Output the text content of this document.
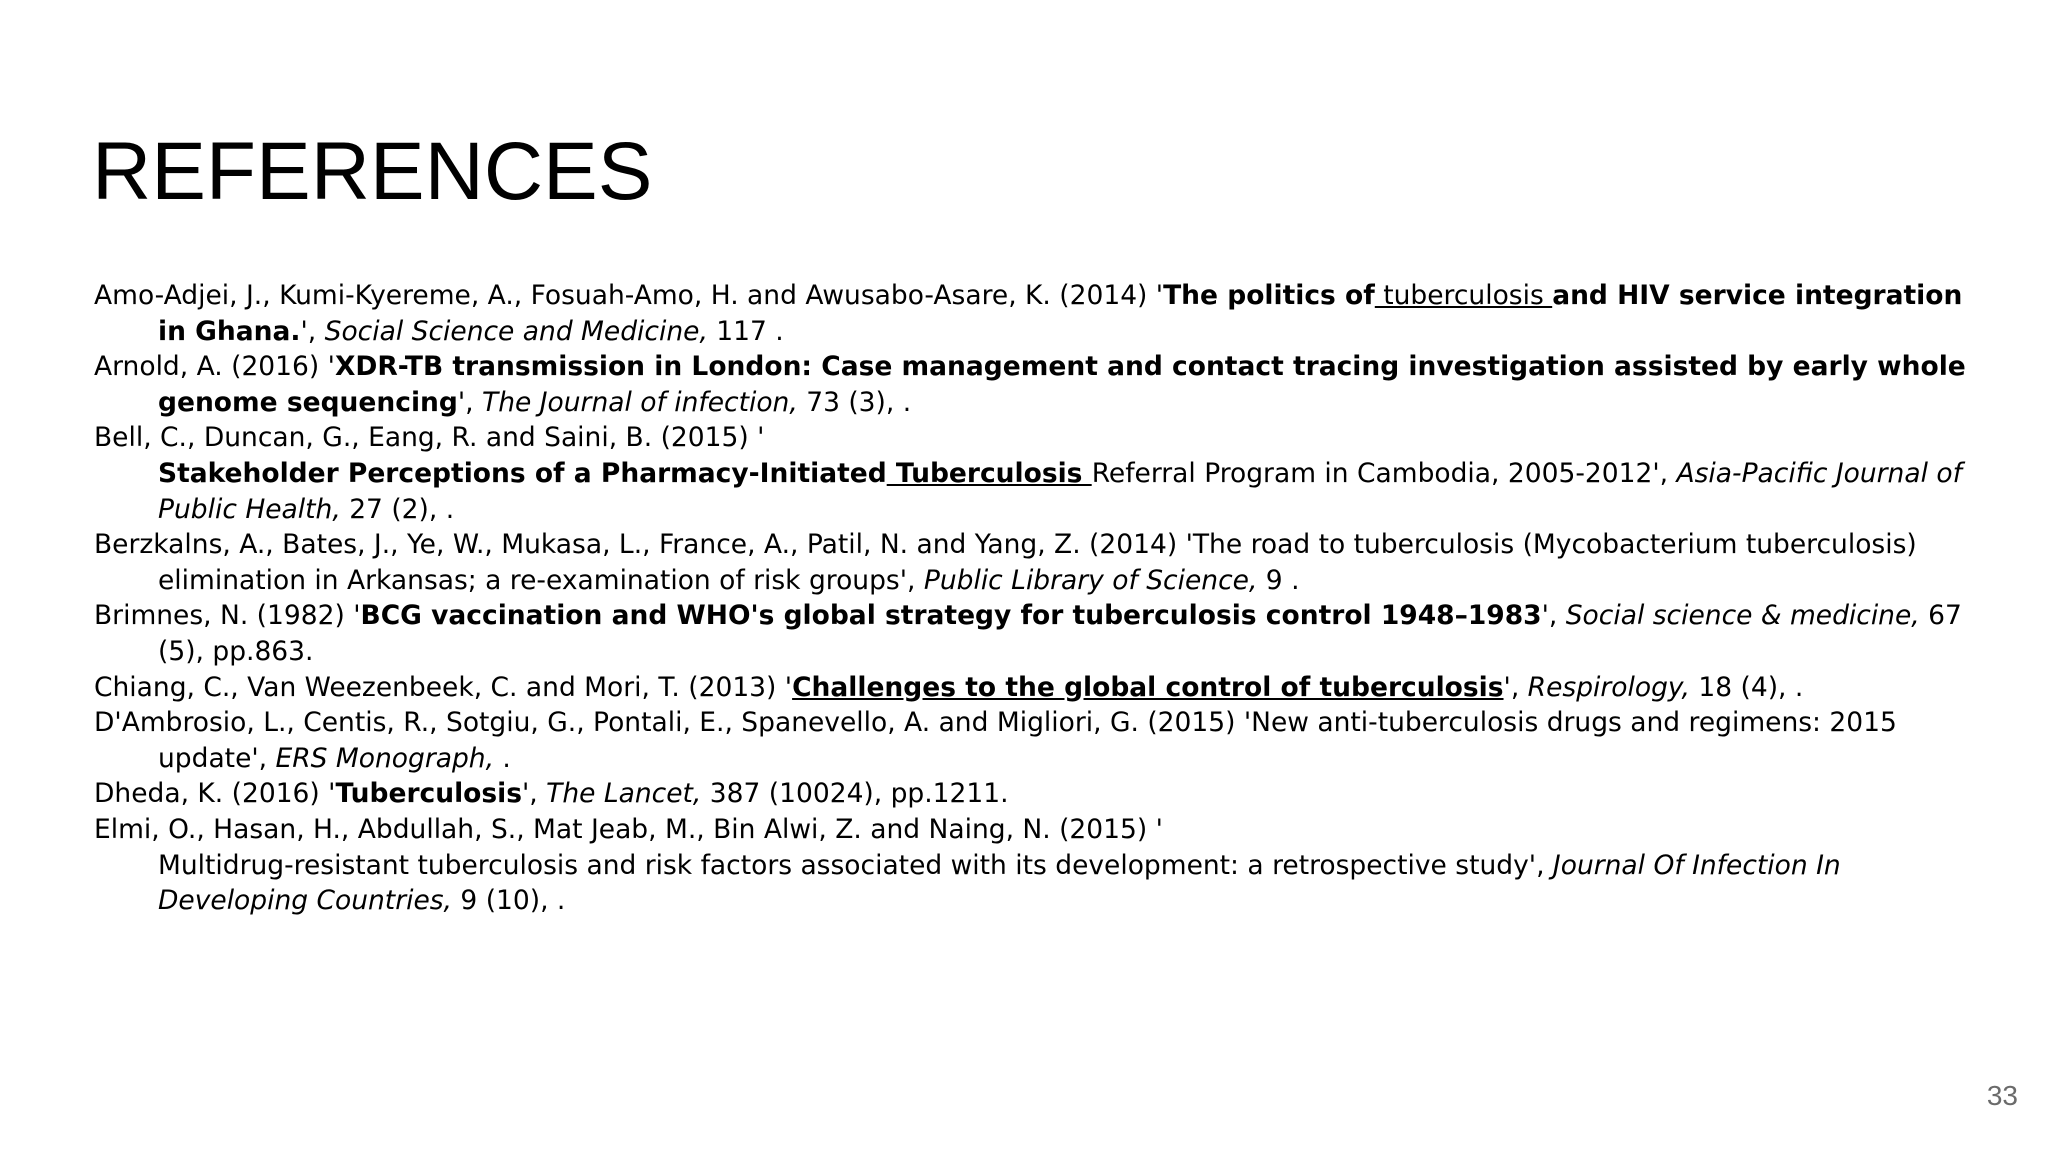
REFERENCES

Amo-Adjei, J., Kumi-Kyereme, A., Fosuah-Amo, H. and Awusabo-Asare, K. (2014) 'The politics of tuberculosis and HIV service integration in Ghana.', Social Science and Medicine, 117 .

Arnold, A. (2016) 'XDR-TB transmission in London: Case management and contact tracing investigation assisted by early whole genome sequencing', The Journal of infection, 73 (3), .

Bell, C., Duncan, G., Eang, R. and Saini, B. (2015) '
Stakeholder Perceptions of a Pharmacy-Initiated Tuberculosis Referral Program in Cambodia, 2005-2012', Asia-Pacific Journal of Public Health, 27 (2), .

Berzkalns, A., Bates, J., Ye, W., Mukasa, L., France, A., Patil, N. and Yang, Z. (2014) 'The road to tuberculosis (Mycobacterium tuberculosis) elimination in Arkansas; a re-examination of risk groups', Public Library of Science, 9 .

Brimnes, N. (1982) 'BCG vaccination and WHO's global strategy for tuberculosis control 1948–1983', Social science & medicine, 67 (5), pp.863.

Chiang, C., Van Weezenbeek, C. and Mori, T. (2013) 'Challenges to the global control of tuberculosis', Respirology, 18 (4), .

D'Ambrosio, L., Centis, R., Sotgiu, G., Pontali, E., Spanevello, A. and Migliori, G. (2015) 'New anti-tuberculosis drugs and regimens: 2015 update', ERS Monograph, .

Dheda, K. (2016) 'Tuberculosis', The Lancet, 387 (10024), pp.1211.

Elmi, O., Hasan, H., Abdullah, S., Mat Jeab, M., Bin Alwi, Z. and Naing, N. (2015) '
Multidrug-resistant tuberculosis and risk factors associated with its development: a retrospective study', Journal Of Infection In Developing Countries, 9 (10), .

33
